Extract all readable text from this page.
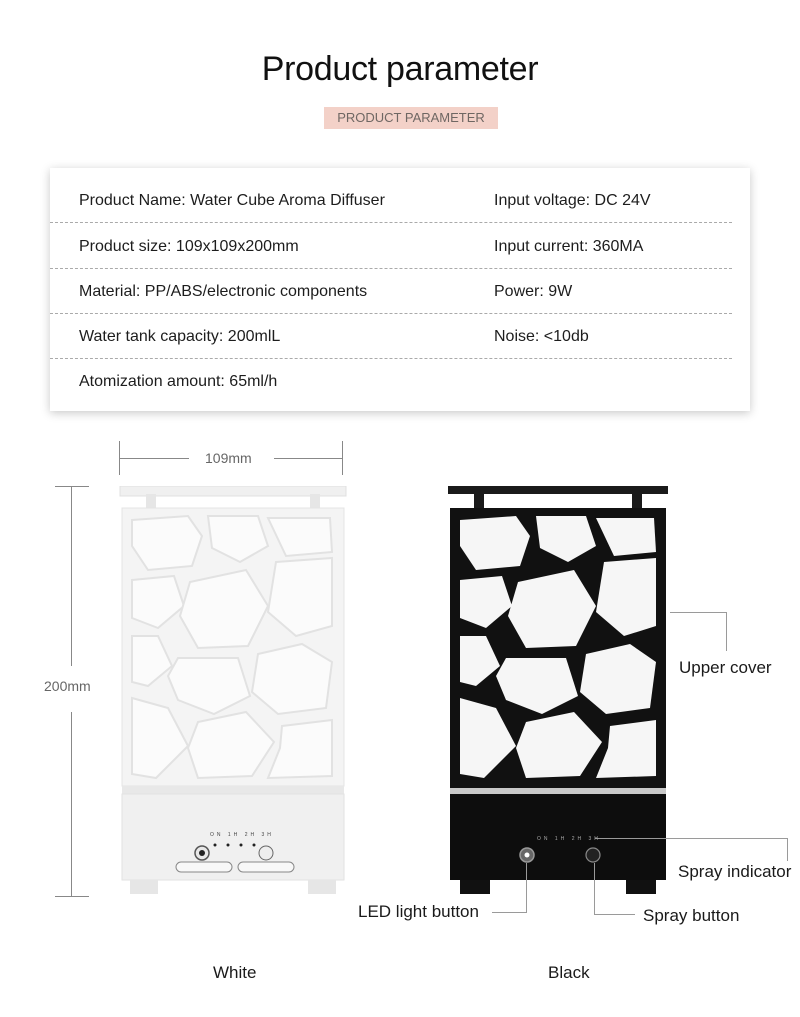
Product parameter
PRODUCT PARAMETER
Product Name: Water Cube Aroma Diffuser	Input voltage: DC 24V
Product size: 109x109x200mm	Input current: 360MA
Material: PP/ABS/electronic components	Power: 9W
Water tank capacity: 200mlL	Noise: <10db
Atomization amount: 65ml/h
109mm
200mm
ON 1H 2H 3H
ON 1H 2H 3H
Upper cover
Spray indicator
LED light button	Spray button
White	Black
